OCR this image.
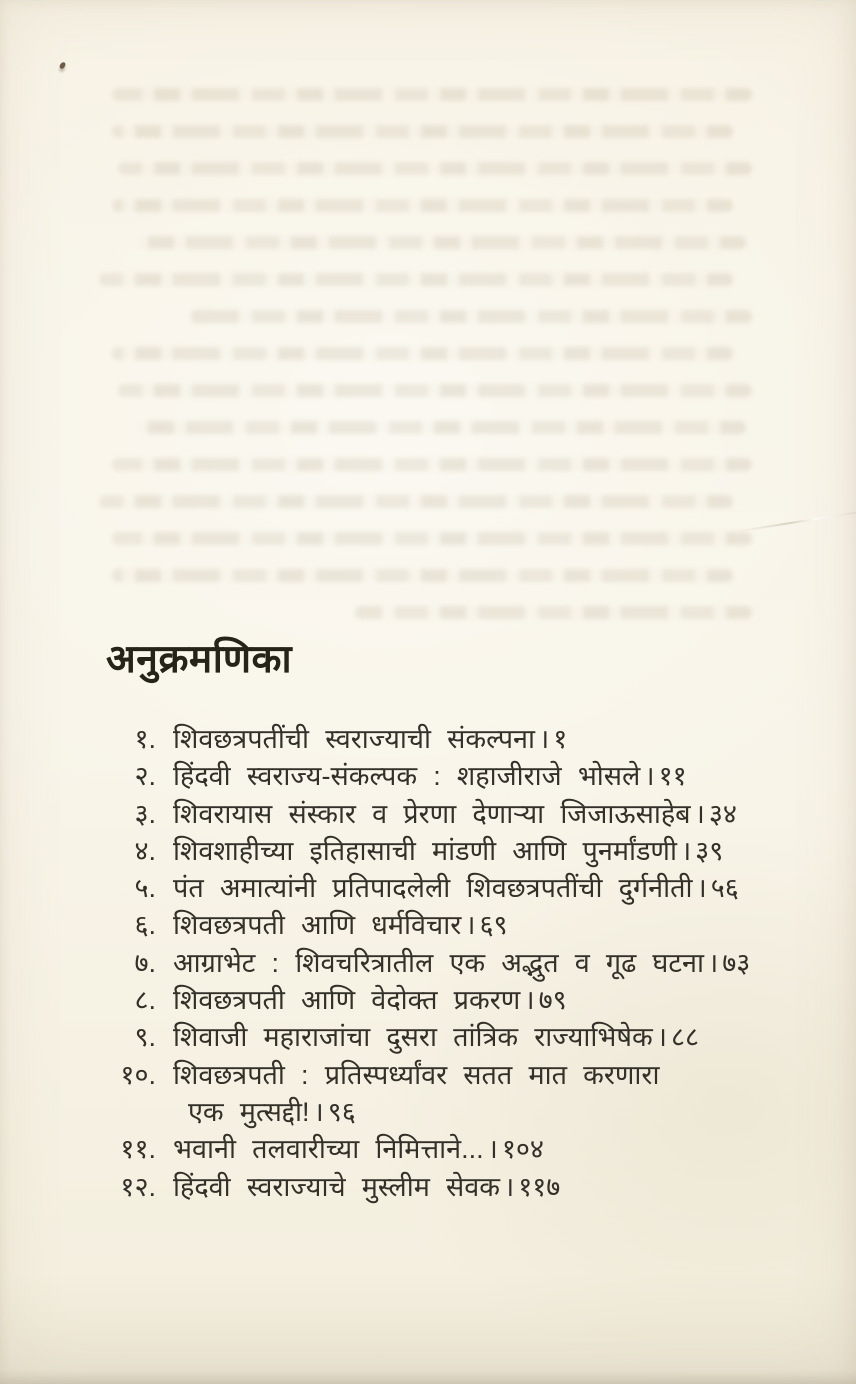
अनुक्रमणिका
१. शिवछत्रपतींची स्वराज्याची संकल्पना । १
२. हिंदवी स्वराज्य-संकल्पक : शहाजीराजे भोसले । ११
३. शिवरायास संस्कार व प्रेरणा देणाऱ्या जिजाऊसाहेब । ३४
४. शिवशाहीच्या इतिहासाची मांडणी आणि पुनर्मांडणी । ३९
५. पंत अमात्यांनी प्रतिपादलेली शिवछत्रपतींची दुर्गनीती । ५६
६. शिवछत्रपती आणि धर्मविचार । ६९
७. आग्राभेट : शिवचरित्रातील एक अद्भुत व गूढ घटना । ७३
८. शिवछत्रपती आणि वेदोक्त प्रकरण । ७९
९. शिवाजी महाराजांचा दुसरा तांत्रिक राज्याभिषेक । ८८
१०. शिवछत्रपती : प्रतिस्पर्ध्यांवर सतत मात करणारा
एक मुत्सद्दी! । ९६
११. भवानी तलवारीच्या निमित्ताने... । १०४
१२. हिंदवी स्वराज्याचे मुस्लीम सेवक । ११७
